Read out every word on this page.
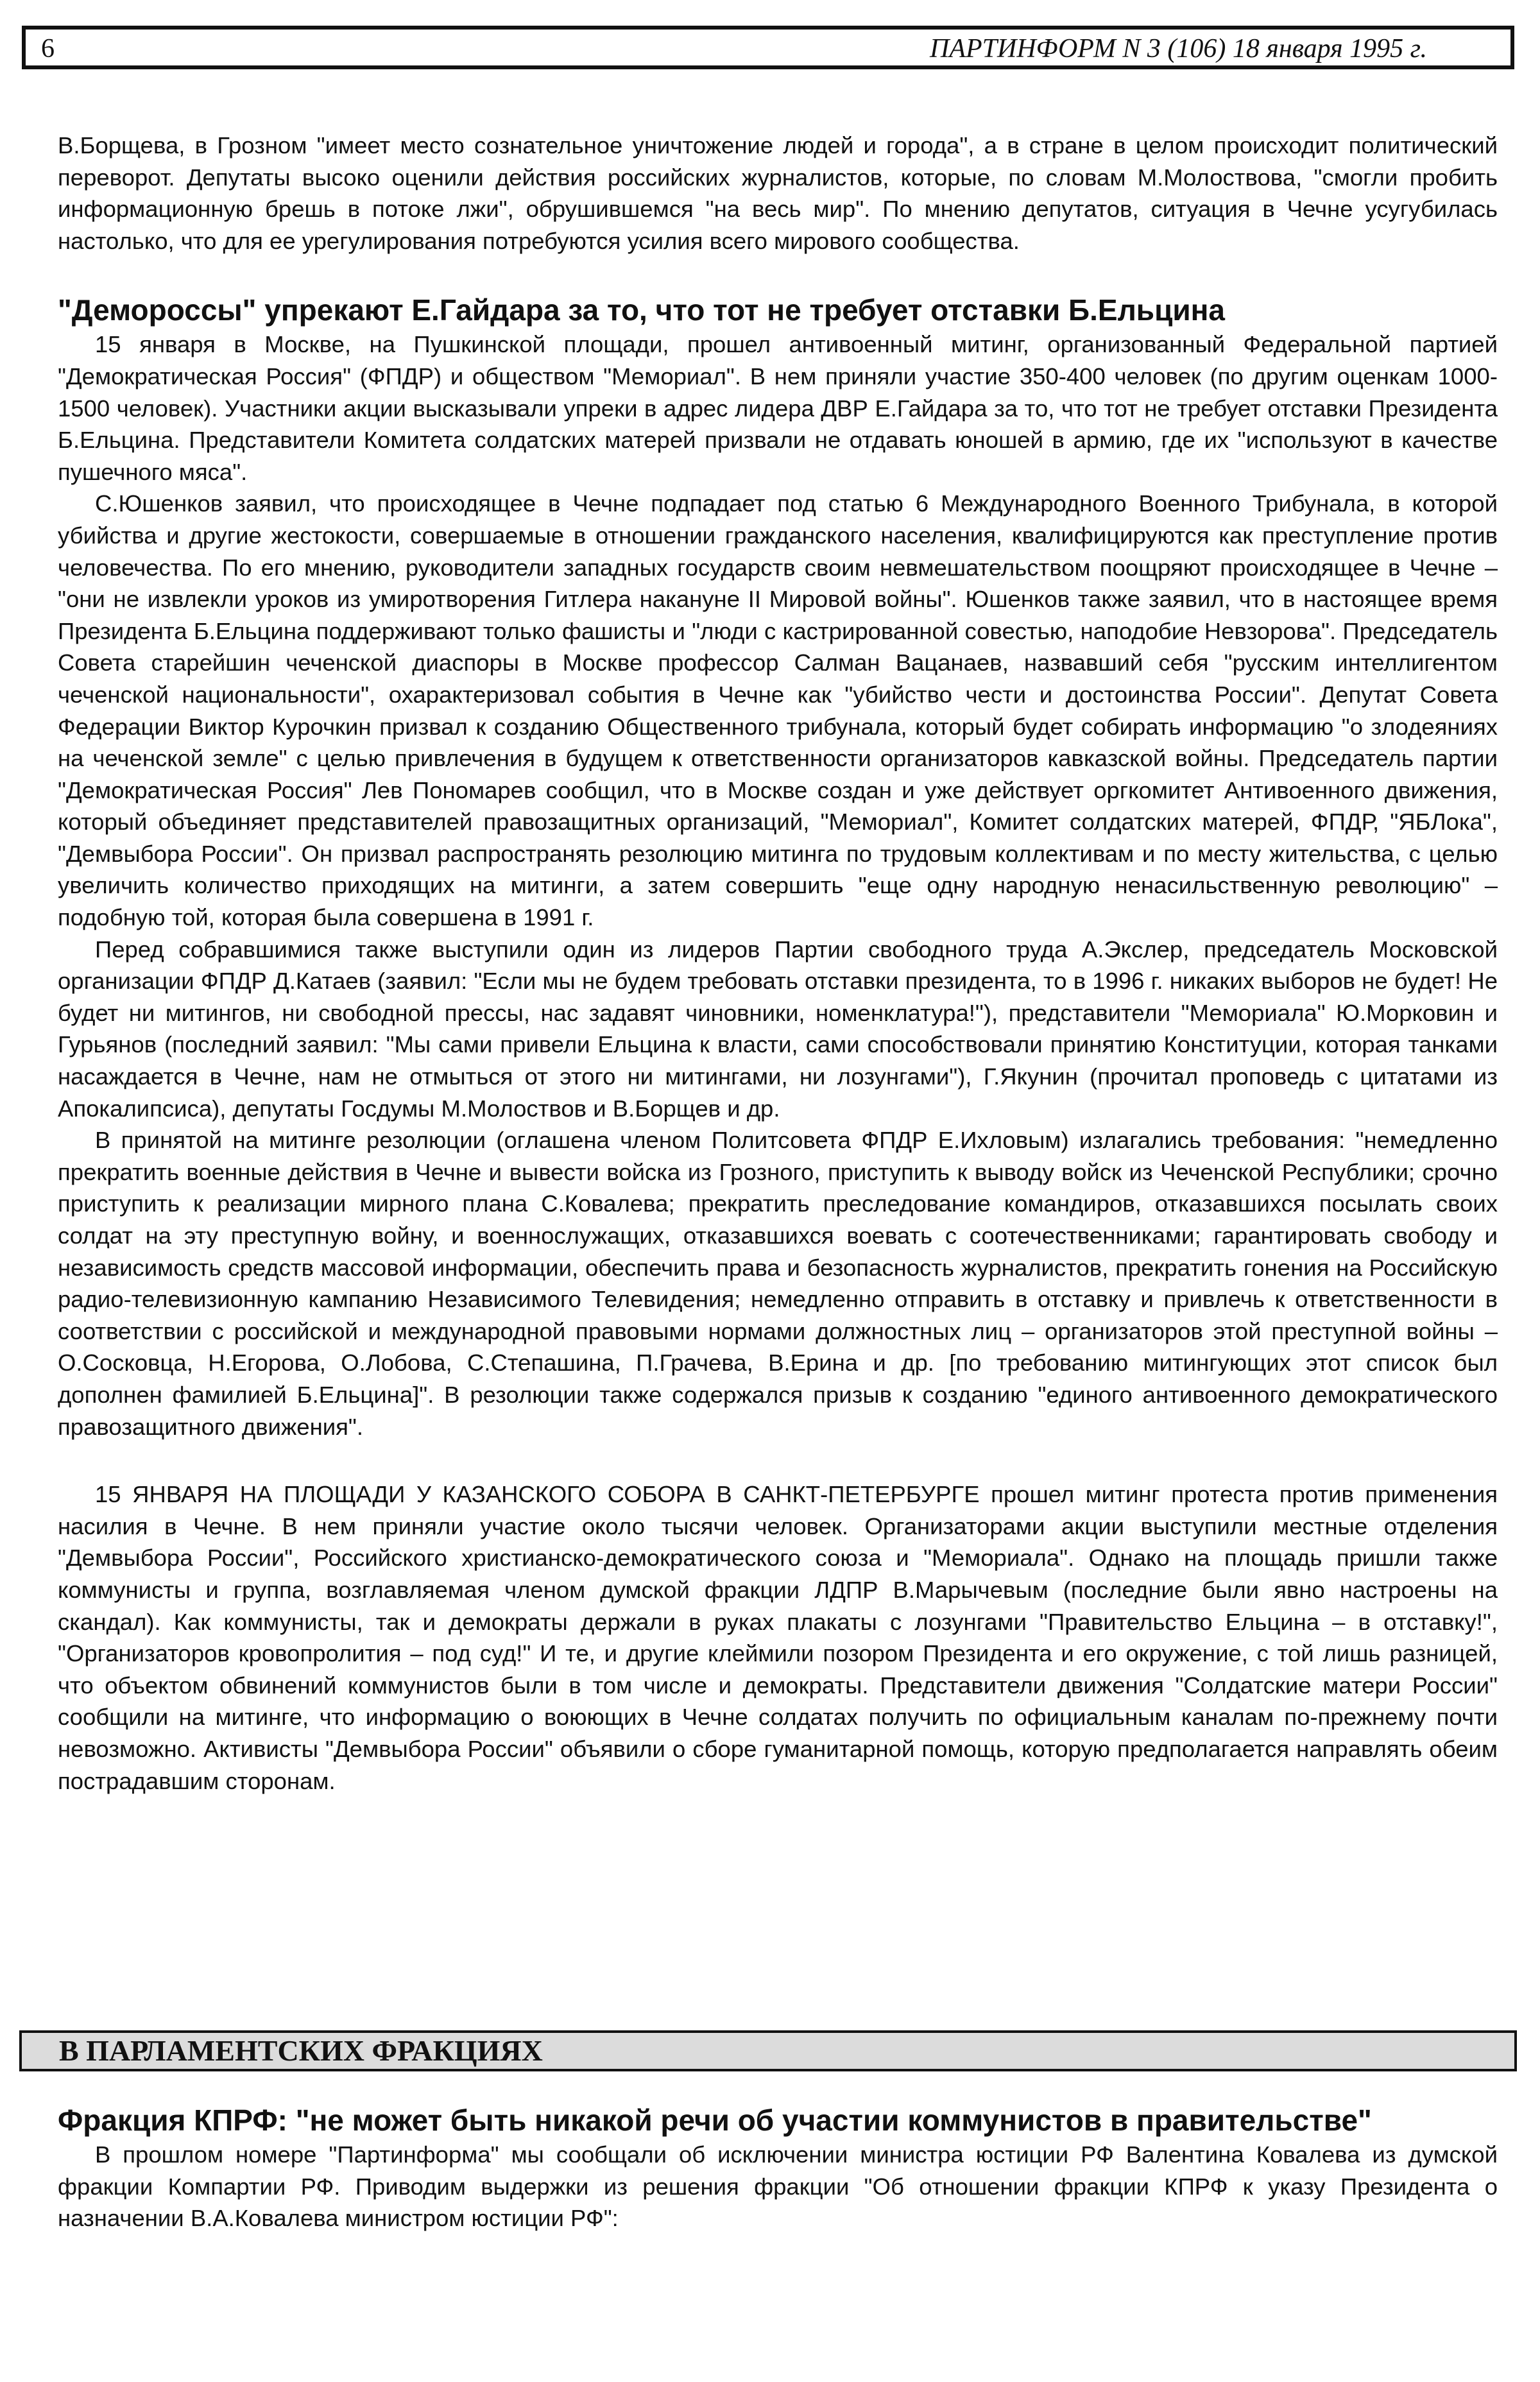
6	ПАРТИНФОРМ N 3 (106) 18 января 1995 г.

В.Борщева, в Грозном "имеет место сознательное уничтожение людей и города", а в стране в целом происходит политический переворот. Депутаты высоко оценили действия российских журналистов, которые, по словам М.Молоствова, "смогли пробить информационную брешь в потоке лжи", обрушившемся "на весь мир". По мнению депутатов, ситуация в Чечне усугубилась настолько, что для ее урегулирования потребуются усилия всего мирового сообщества.

"Демороссы" упрекают Е.Гайдара за то, что тот не требует отставки Б.Ельцина

15 января в Москве, на Пушкинской площади, прошел антивоенный митинг, организованный Федеральной партией "Демократическая Россия" (ФПДР) и обществом "Мемориал". В нем приняли участие 350-400 человек (по другим оценкам 1000-1500 человек). Участники акции высказывали упреки в адрес лидера ДВР Е.Гайдара за то, что тот не требует отставки Президента Б.Ельцина. Представители Комитета солдатских матерей призвали не отдавать юношей в армию, где их "используют в качестве пушечного мяса".

С.Юшенков заявил, что происходящее в Чечне подпадает под статью 6 Международного Военного Трибунала, в которой убийства и другие жестокости, совершаемые в отношении гражданского населения, квалифицируются как преступление против человечества. По его мнению, руководители западных государств своим невмешательством поощряют происходящее в Чечне – "они не извлекли уроков из умиротворения Гитлера накануне II Мировой войны". Юшенков также заявил, что в настоящее время Президента Б.Ельцина поддерживают только фашисты и "люди с кастрированной совестью, наподобие Невзорова". Председатель Совета старейшин чеченской диаспоры в Москве профессор Салман Вацанаев, назвавший себя "русским интеллигентом чеченской национальности", охарактеризовал события в Чечне как "убийство чести и достоинства России". Депутат Совета Федерации Виктор Курочкин призвал к созданию Общественного трибунала, который будет собирать информацию "о злодеяниях на чеченской земле" с целью привлечения в будущем к ответственности организаторов кавказской войны. Председатель партии "Демократическая Россия" Лев Пономарев сообщил, что в Москве создан и уже действует оргкомитет Антивоенного движения, который объединяет представителей правозащитных организаций, "Мемориал", Комитет солдатских матерей, ФПДР, "ЯБЛока", "Демвыбора России". Он призвал распространять резолюцию митинга по трудовым коллективам и по месту жительства, с целью увеличить количество приходящих на митинги, а затем совершить "еще одну народную ненасильственную революцию" – подобную той, которая была совершена в 1991 г.

Перед собравшимися также выступили один из лидеров Партии свободного труда А.Экслер, председатель Московской организации ФПДР Д.Катаев (заявил: "Если мы не будем требовать отставки президента, то в 1996 г. никаких выборов не будет! Не будет ни митингов, ни свободной прессы, нас задавят чиновники, номенклатура!"), представители "Мемориала" Ю.Морковин и Гурьянов (последний заявил: "Мы сами привели Ельцина к власти, сами способствовали принятию Конституции, которая танками насаждается в Чечне, нам не отмыться от этого ни митингами, ни лозунгами"), Г.Якунин (прочитал проповедь с цитатами из Апокалипсиса), депутаты Госдумы М.Молоствов и В.Борщев и др.

В принятой на митинге резолюции (оглашена членом Политсовета ФПДР Е.Ихловым) излагались требования: "немедленно прекратить военные действия в Чечне и вывести войска из Грозного, приступить к выводу войск из Чеченской Республики; срочно приступить к реализации мирного плана С.Ковалева; прекратить преследование командиров, отказавшихся посылать своих солдат на эту преступную войну, и военнослужащих, отказавшихся воевать с соотечественниками; гарантировать свободу и независимость средств массовой информации, обеспечить права и безопасность журналистов, прекратить гонения на Российскую радио-телевизионную кампанию Независимого Телевидения; немедленно отправить в отставку и привлечь к ответственности в соответствии с российской и международной правовыми нормами должностных лиц – организаторов этой преступной войны – О.Сосковца, Н.Егорова, О.Лобова, С.Степашина, П.Грачева, В.Ерина и др. [по требованию митингующих этот список был дополнен фамилией Б.Ельцина]". В резолюции также содержался призыв к созданию "единого антивоенного демократического правозащитного движения".

15 ЯНВАРЯ НА ПЛОЩАДИ У КАЗАНСКОГО СОБОРА В САНКТ-ПЕТЕРБУРГЕ прошел митинг протеста против применения насилия в Чечне. В нем приняли участие около тысячи человек. Организаторами акции выступили местные отделения "Демвыбора России", Российского христианско-демократического союза и "Мемориала". Однако на площадь пришли также коммунисты и группа, возглавляемая членом думской фракции ЛДПР В.Марычевым (последние были явно настроены на скандал). Как коммунисты, так и демократы держали в руках плакаты с лозунгами "Правительство Ельцина – в отставку!", "Организаторов кровопролития – под суд!" И те, и другие клеймили позором Президента и его окружение, с той лишь разницей, что объектом обвинений коммунистов были в том числе и демократы. Представители движения "Солдатские матери России" сообщили на митинге, что информацию о воюющих в Чечне солдатах получить по официальным каналам по-прежнему почти невозможно. Активисты "Демвыбора России" объявили о сборе гуманитарной помощь, которую предполагается направлять обеим пострадавшим сторонам.

В ПАРЛАМЕНТСКИХ ФРАКЦИЯХ
Фракция КПРФ: "не может быть никакой речи об участии коммунистов в правительстве"

В прошлом номере "Партинформа" мы сообщали об исключении министра юстиции РФ Валентина Ковалева из думской фракции Компартии РФ. Приводим выдержки из решения фракции "Об отношении фракции КПРФ к указу Президента о назначении В.А.Ковалева министром юстиции РФ":
